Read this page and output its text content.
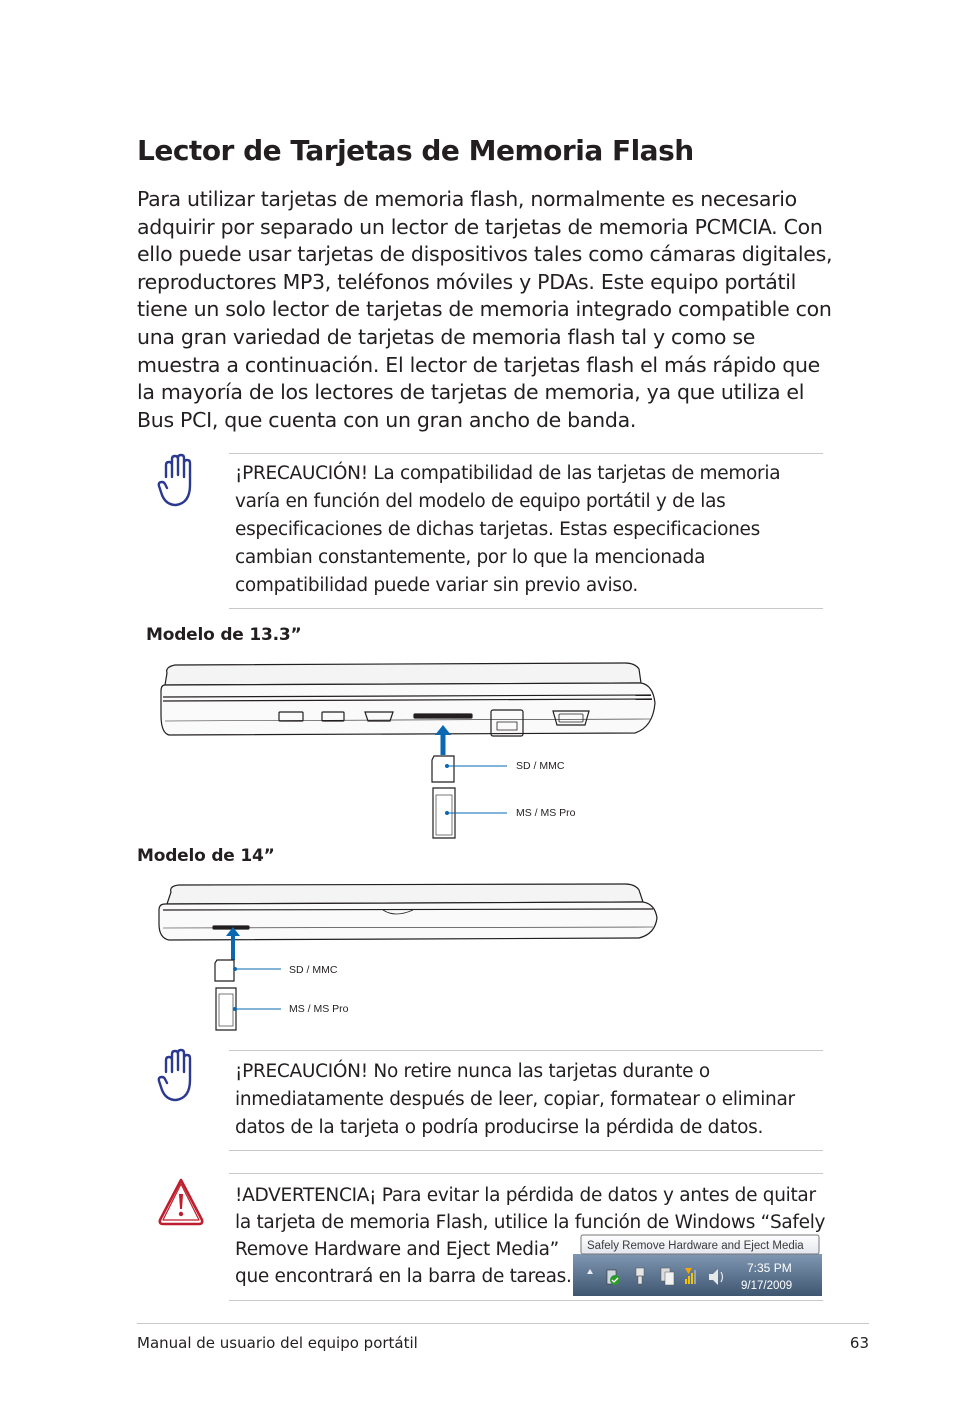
Lector de Tarjetas de Memoria Flash
Para utilizar tarjetas de memoria flash, normalmente es necesario adquirir por separado un lector de tarjetas de memoria PCMCIA. Con ello puede usar tarjetas de dispositivos tales como cámaras digitales, reproductores MP3, teléfonos móviles y PDAs. Este equipo portátil tiene un solo lector de tarjetas de memoria integrado compatible con una gran variedad de tarjetas de memoria flash tal y como se muestra a continuación. El lector de tarjetas flash el más rápido que la mayoría de los lectores de tarjetas de memoria, ya que utiliza el Bus PCI, que cuenta con un gran ancho de banda.
¡PRECAUCIÓN! La compatibilidad de las tarjetas de memoria varía en función del modelo de equipo portátil y de las especificaciones de dichas tarjetas. Estas especificaciones cambian constantemente, por lo que la mencionada compatibilidad puede variar sin previo aviso.
Modelo de 13.3”
SD / MMC
MS / MS Pro
Modelo de 14”
SD / MMC
MS / MS Pro
¡PRECAUCIÓN! No retire nunca las tarjetas durante o inmediatamente después de leer, copiar, formatear o eliminar datos de la tarjeta o podría producirse la pérdida de datos.
!ADVERTENCIA¡ Para evitar la pérdida de datos y antes de quitar
la tarjeta de memoria Flash, utilice la función de Windows “Safely
Remove Hardware and Eject Media”
que encontrará en la barra de tareas.
Safely Remove Hardware and Eject Media
7:35 PM
9/17/2009
Manual de usuario del equipo portátil	63
